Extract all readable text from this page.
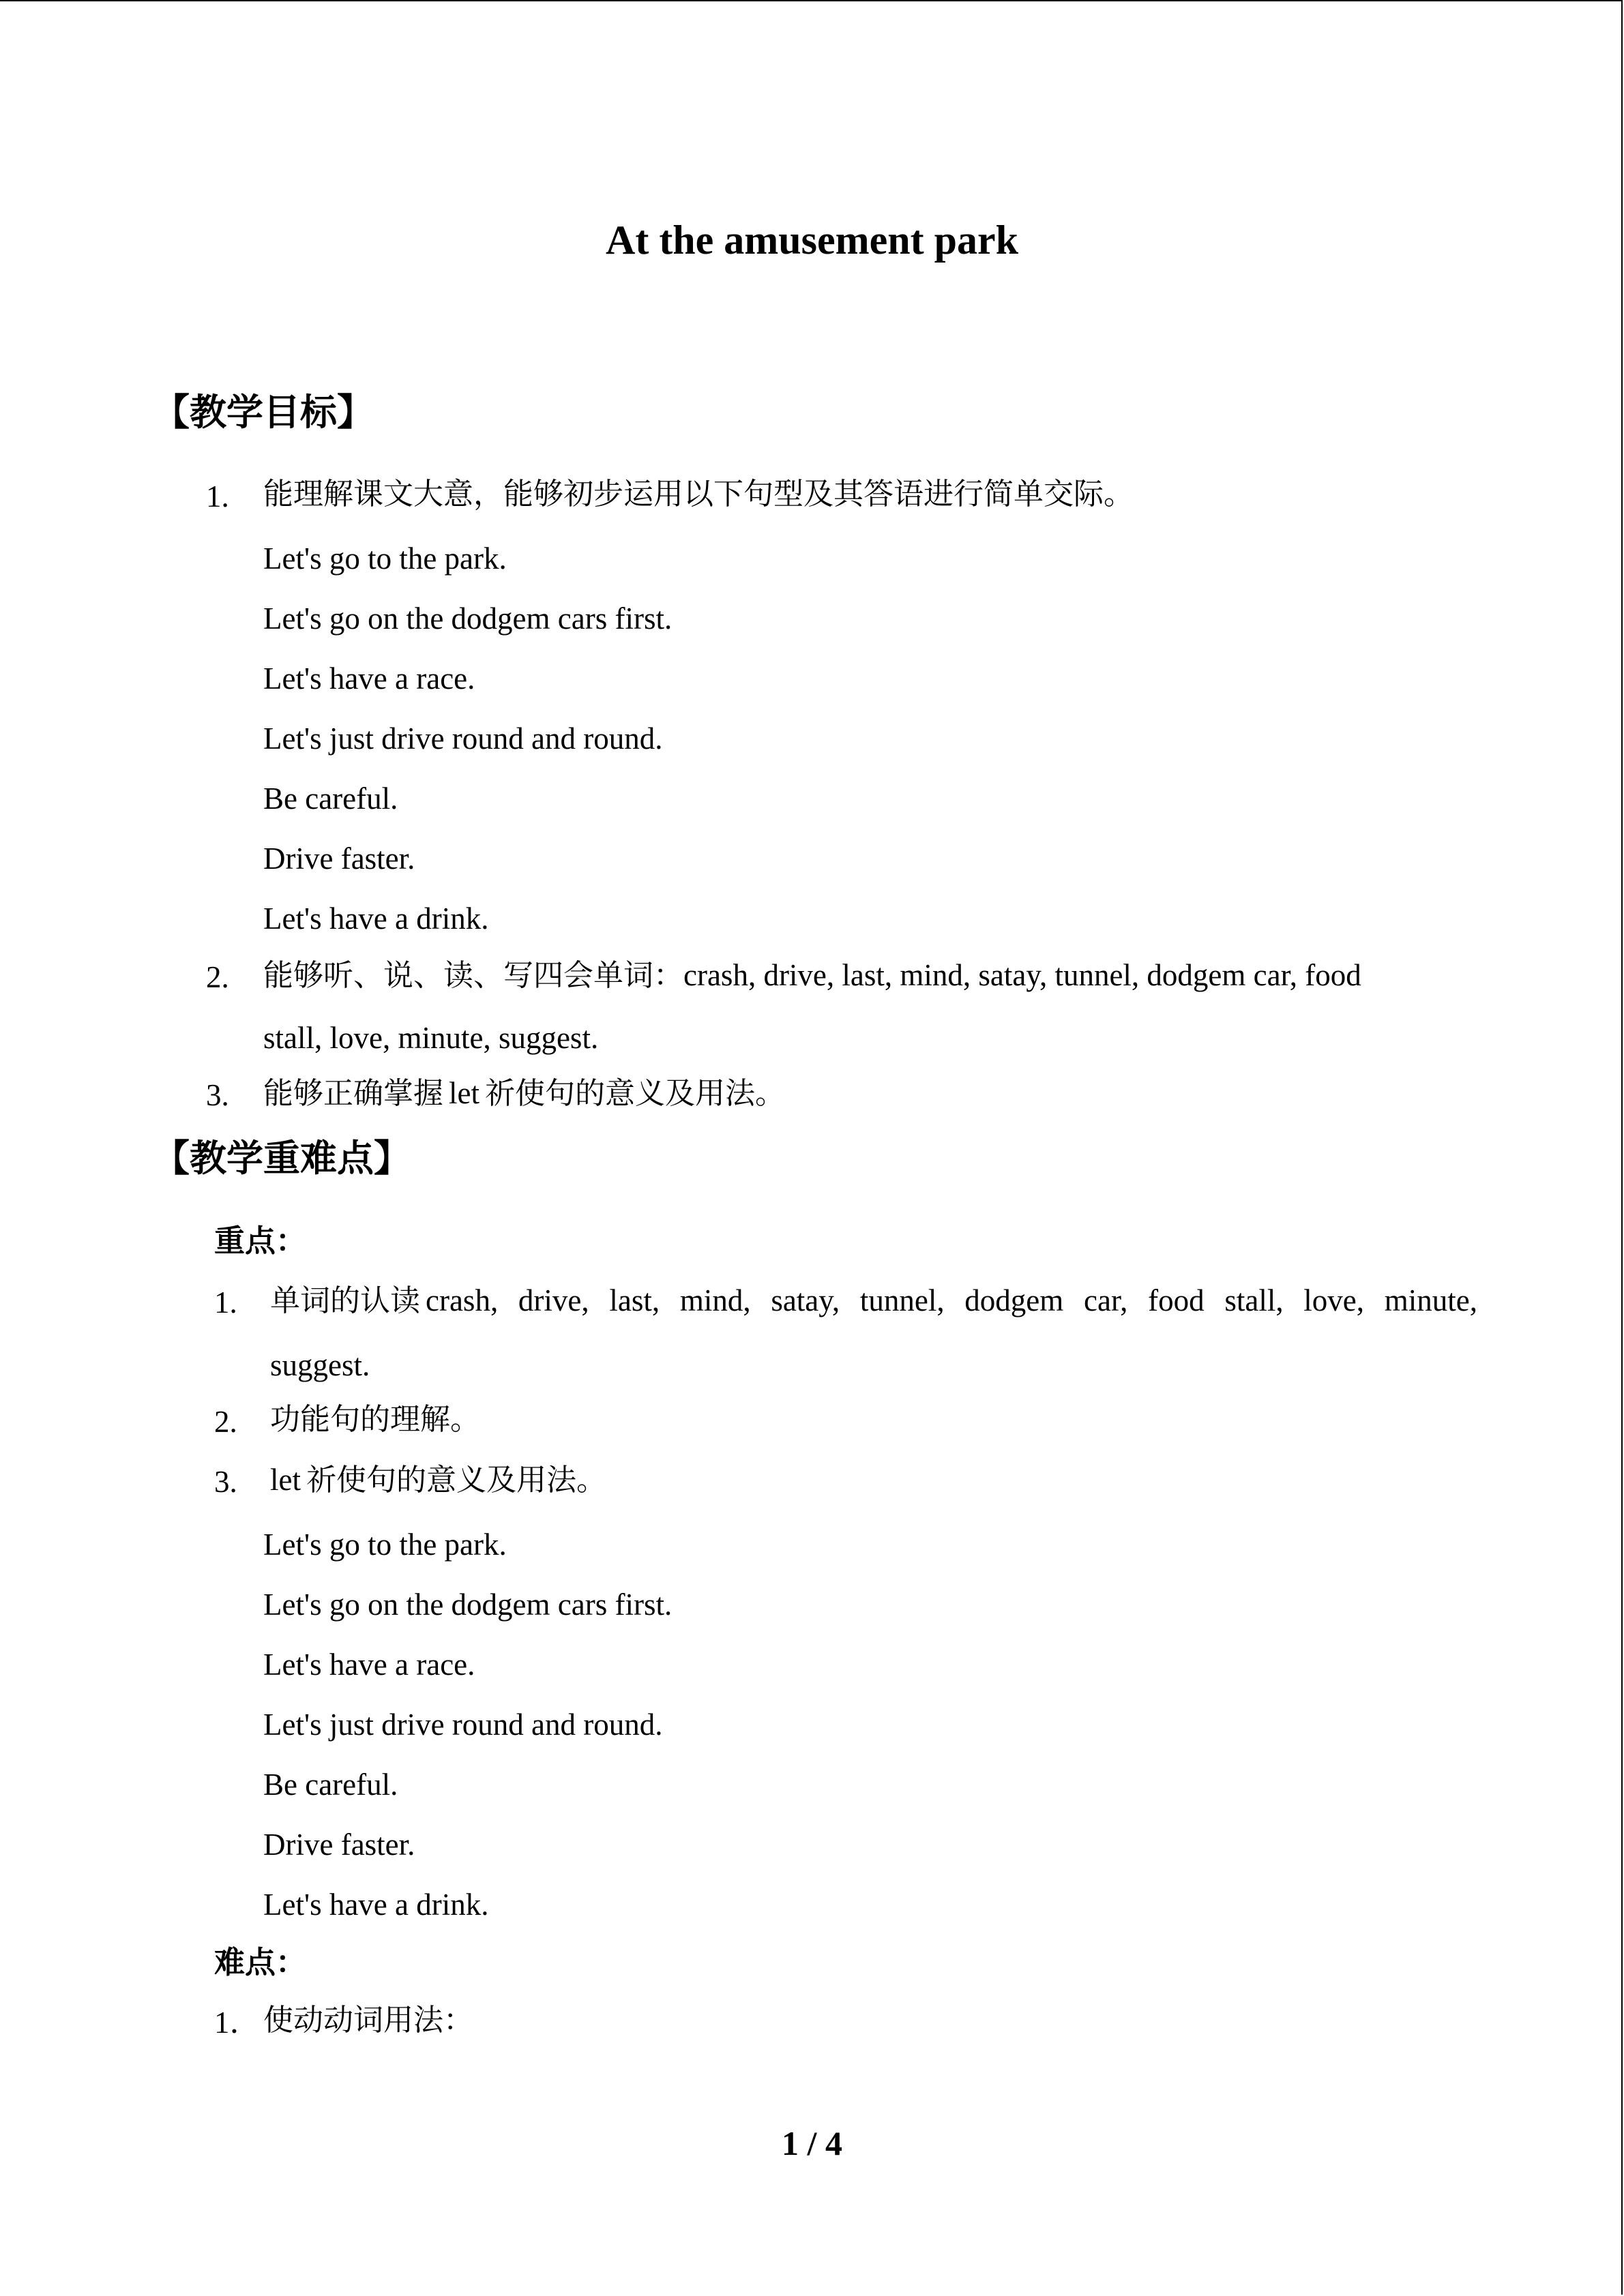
At the amusement park
【教学目标】
1. 能理解课文大意，能够初步运用以下句型及其答语进行简单交际。
Let's go to the park.
Let's go on the dodgem cars first.
Let's have a race.
Let's just drive round and round.
Be careful.
Drive faster.
Let's have a drink.
2. 能够听、说、读、写四会单词：crash, drive, last, mind, satay, tunnel, dodgem car, food
stall, love, minute, suggest.
3. 能够正确掌握 let 祈使句的意义及用法。
【教学重难点】
重点：
1. 单词的认读 crash, drive, last, mind, satay, tunnel, dodgem car, food stall, love, minute,
suggest.
2. 功能句的理解。
3. let 祈使句的意义及用法。
Let's go to the park.
Let's go on the dodgem cars first.
Let's have a race.
Let's just drive round and round.
Be careful.
Drive faster.
Let's have a drink.
难点：
1． 使动动词用法：
1 / 4
